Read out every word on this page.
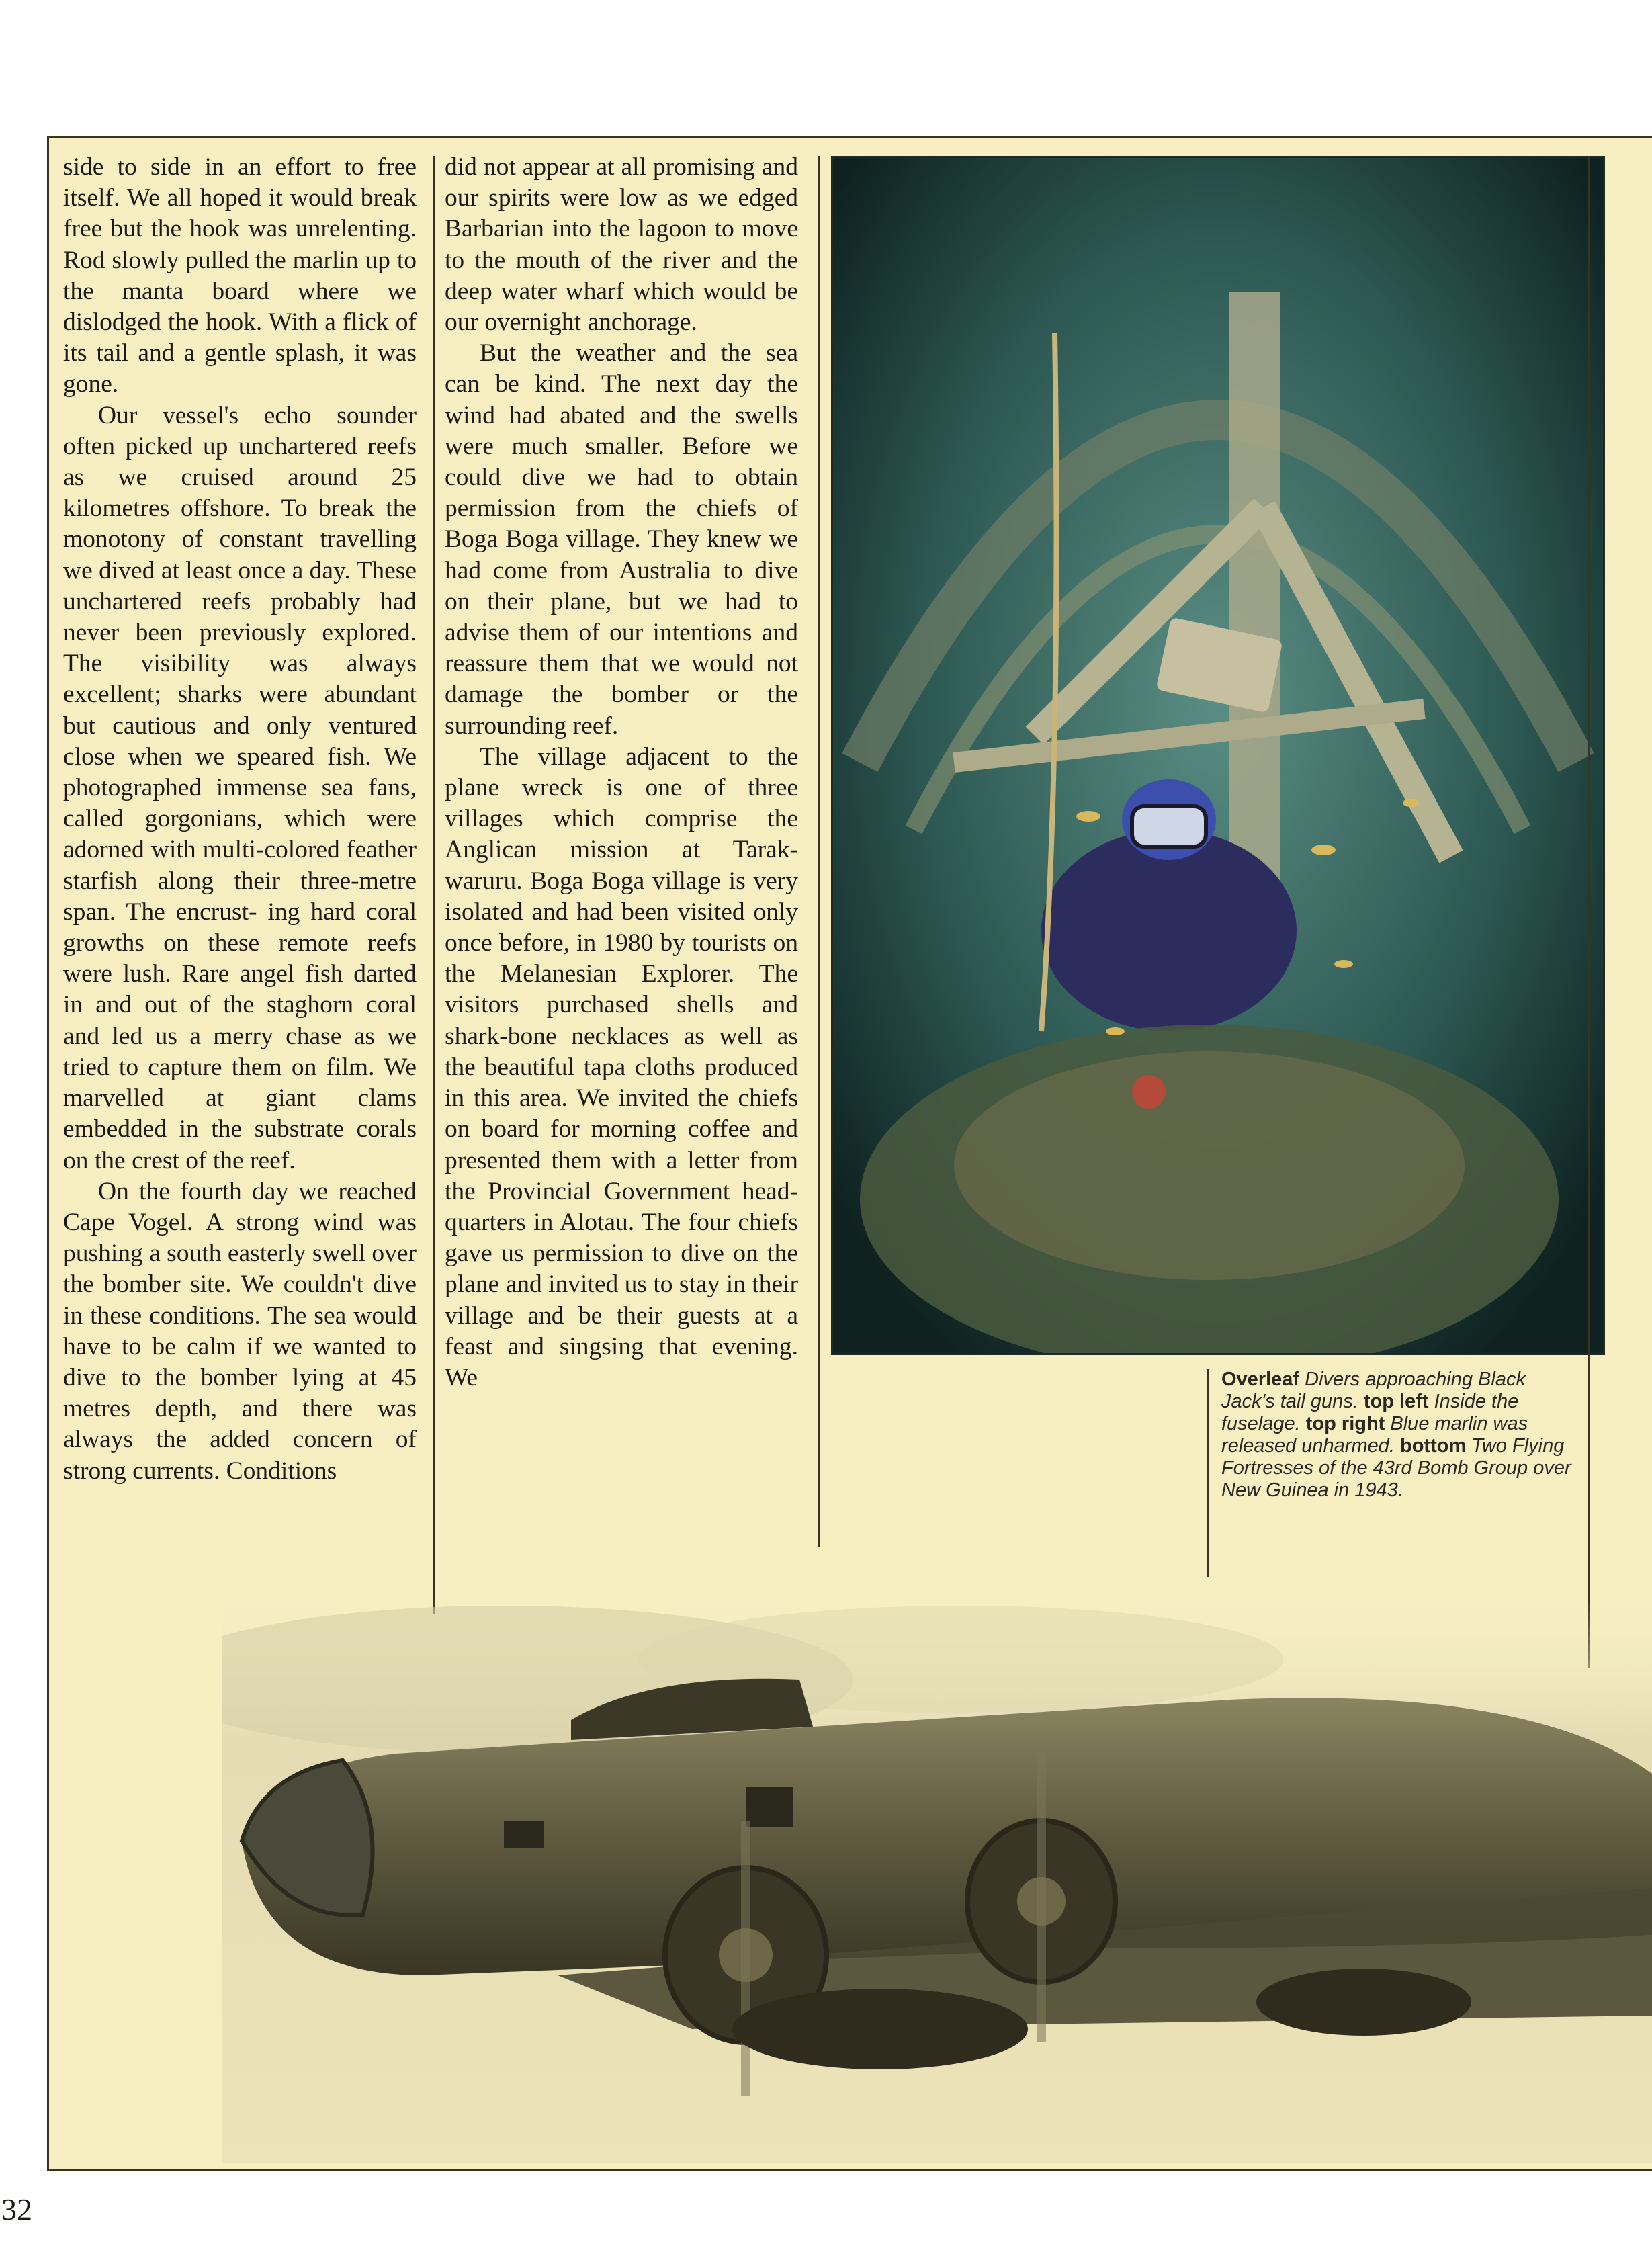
side to side in an effort to free itself. We all hoped it would break free but the hook was unrelenting. Rod slowly pulled the marlin up to the manta board where we dislodged the hook. With a flick of its tail and a gentle splash, it was gone.

Our vessel's echo sounder often picked up unchartered reefs as we cruised around 25 kilometres offshore. To break the monotony of constant travelling we dived at least once a day. These unchartered reefs probably had never been previously explored. The visibility was always excellent; sharks were abundant but cautious and only ventured close when we speared fish. We photographed immense sea fans, called gorgonians, which were adorned with multi-colored feather starfish along their three-metre span. The encrust- ing hard coral growths on these remote reefs were lush. Rare angel fish darted in and out of the staghorn coral and led us a merry chase as we tried to capture them on film. We marvelled at giant clams embedded in the substrate corals on the crest of the reef.

On the fourth day we reached Cape Vogel. A strong wind was pushing a south easterly swell over the bomber site. We couldn't dive in these conditions. The sea would have to be calm if we wanted to dive to the bomber lying at 45 metres depth, and there was always the added concern of strong currents. Conditions

did not appear at all promising and our spirits were low as we edged Barbarian into the lagoon to move to the mouth of the river and the deep water wharf which would be our overnight anchorage.

But the weather and the sea can be kind. The next day the wind had abated and the swells were much smaller. Before we could dive we had to obtain permission from the chiefs of Boga Boga village. They knew we had come from Australia to dive on their plane, but we had to advise them of our intentions and reassure them that we would not damage the bomber or the surrounding reef.

The village adjacent to the plane wreck is one of three villages which comprise the Anglican mission at Tarak- waruru. Boga Boga village is very isolated and had been visited only once before, in 1980 by tourists on the Melanesian Explorer. The visitors purchased shells and shark-bone necklaces as well as the beautiful tapa cloths produced in this area. We invited the chiefs on board for morning coffee and presented them with a letter from the Provincial Government head- quarters in Alotau. The four chiefs gave us permission to dive on the plane and invited us to stay in their village and be their guests at a feast and singsing that evening. We	Overleaf Divers approaching Black Jack's tail guns. top left Inside the fuselage. top right Blue marlin was released unharmed. bottom Two Flying Fortresses of the 43rd Bomb Group over New Guinea in 1943.
32
